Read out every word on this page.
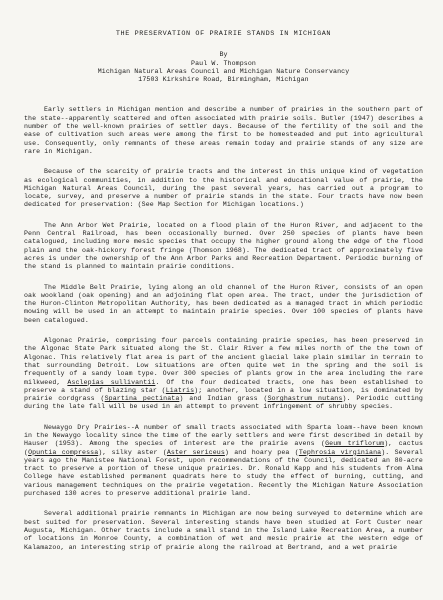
THE PRESERVATION OF PRAIRIE STANDS IN MICHIGAN
By
Paul W. Thompson
Michigan Natural Areas Council and Michigan Nature Conservancy
17503 Kirkshire Road, Birmingham, Michigan

Early settlers in Michigan mention and describe a number of prairies in the southern part of the state--apparently scattered and often associated with prairie soils. Butler (1947) describes a number of the well-known prairies of settler days. Because of the fertility of the soil and the ease of cultivation such areas were among the first to be homesteaded and put into agricultural use. Consequently, only remnants of these areas remain today and prairie stands of any size are rare in Michigan.

Because of the scarcity of prairie tracts and the interest in this unique kind of vegetation as ecological communities, in addition to the historical and educational value of prairie, the Michigan Natural Areas Council, during the past several years, has carried out a program to locate, survey, and preserve a number of prairie stands in the state. Four tracts have now been dedicated for preservation: (See Map Section for Michigan locations.)

The Ann Arbor Wet Prairie, located on a flood plain of the Huron River, and adjacent to the Penn Central Railroad, has been occasionally burned. Over 250 species of plants have been catalogued, including more mesic species that occupy the higher ground along the edge of the flood plain and the oak-hickory forest fringe (Thomson 1968). The dedicated tract of approximately five acres is under the ownership of the Ann Arbor Parks and Recreation Department. Periodic burning of the stand is planned to maintain prairie conditions.

The Middle Belt Prairie, lying along an old channel of the Huron River, consists of an open oak wookland (oak opening) and an adjoining flat open area. The tract, under the jurisdiction of the Huron-Clinton Metropolitan Authority, has been dedicated as a managed tract in which periodic mowing will be used in an attempt to maintain prairie species. Over 100 species of plants have been catalogued.

Algonac Prairie, comprising four parcels containing prairie species, has been preserved in the Algonac State Park situated along the St. Clair River a few miles north of the the town of Algonac. This relatively flat area is part of the ancient glacial lake plain similar in terrain to that surrounding Detroit. Low situations are often quite wet in the spring and the soil is frequently of a sandy loam type. Over 300 species of plants grow in the area including the rare milkweed, Asclepias sullivantii. Of the four dedicated tracts, one has been established to preserve a stand of blazing star (Liatris); another, located in a low situation, is dominated by prairie cordgrass (Spartina pectinata) and Indian grass (Sorghastrum nutans). Periodic cutting during the late fall will be used in an attempt to prevent infringement of shrubby species.

Newaygo Dry Prairies--A number of small tracts associated with Sparta loam--have been known in the Newaygo locality since the time of the early settlers and were first described in detail by Hauser (1953). Among the species of interest are the prairie avens (Geum triflorum), cactus (Opuntia compressa), silky aster (Aster sericeus) and hoary pea (Tephrosia virginiana). Several years ago the Manistee National Forest, upon recommendations of the Council, dedicated an 80-acre tract to preserve a portion of these unique prairies. Dr. Ronald Kapp and his students from Alma College have established permanent quadrats here to study the effect of burning, cutting, and various management techniques on the prairie vegetation. Recently the Michigan Nature Association purchased 130 acres to preserve additional prairie land.

Several additional prairie remnants in Michigan are now being surveyed to determine which are best suited for preservation. Several interesting stands have been studied at Fort Custer near Augusta, Michigan. Other tracts include a small stand in the Island Lake Recreation Area, a number of locations in Monroe County, a combination of wet and mesic prairie at the western edge of Kalamazoo, an interesting strip of prairie along the railroad at Bertrand, and a wet prairie
